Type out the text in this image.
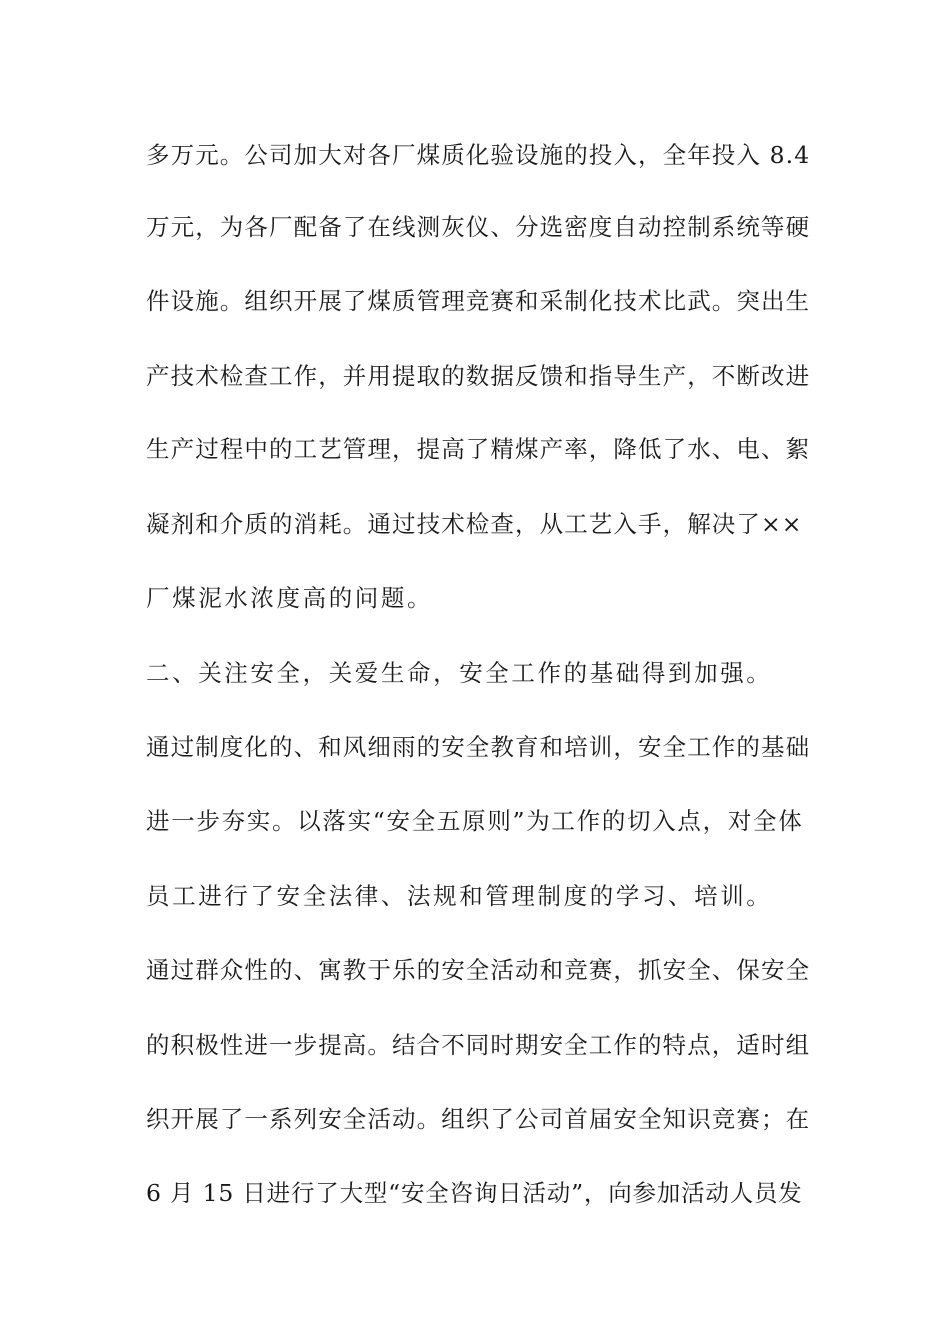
多万元。公司加大对各厂煤质化验设施的投入，全年投入 8.4
万元，为各厂配备了在线测灰仪、分选密度自动控制系统等硬
件设施。组织开展了煤质管理竞赛和采制化技术比武。突出生
产技术检查工作，并用提取的数据反馈和指导生产，不断改进
生产过程中的工艺管理，提高了精煤产率，降低了水、电、絮
凝剂和介质的消耗。通过技术检查，从工艺入手，解决了××
厂煤泥水浓度高的问题。
二、关注安全，关爱生命，安全工作的基础得到加强。
通过制度化的、和风细雨的安全教育和培训，安全工作的基础
进一步夯实。以落实“安全五原则”为工作的切入点，对全体
员工进行了安全法律、法规和管理制度的学习、培训。
通过群众性的、寓教于乐的安全活动和竞赛，抓安全、保安全
的积极性进一步提高。结合不同时期安全工作的特点，适时组
织开展了一系列安全活动。组织了公司首届安全知识竞赛；在
6 月 15 日进行了大型“安全咨询日活动”，向参加活动人员发
